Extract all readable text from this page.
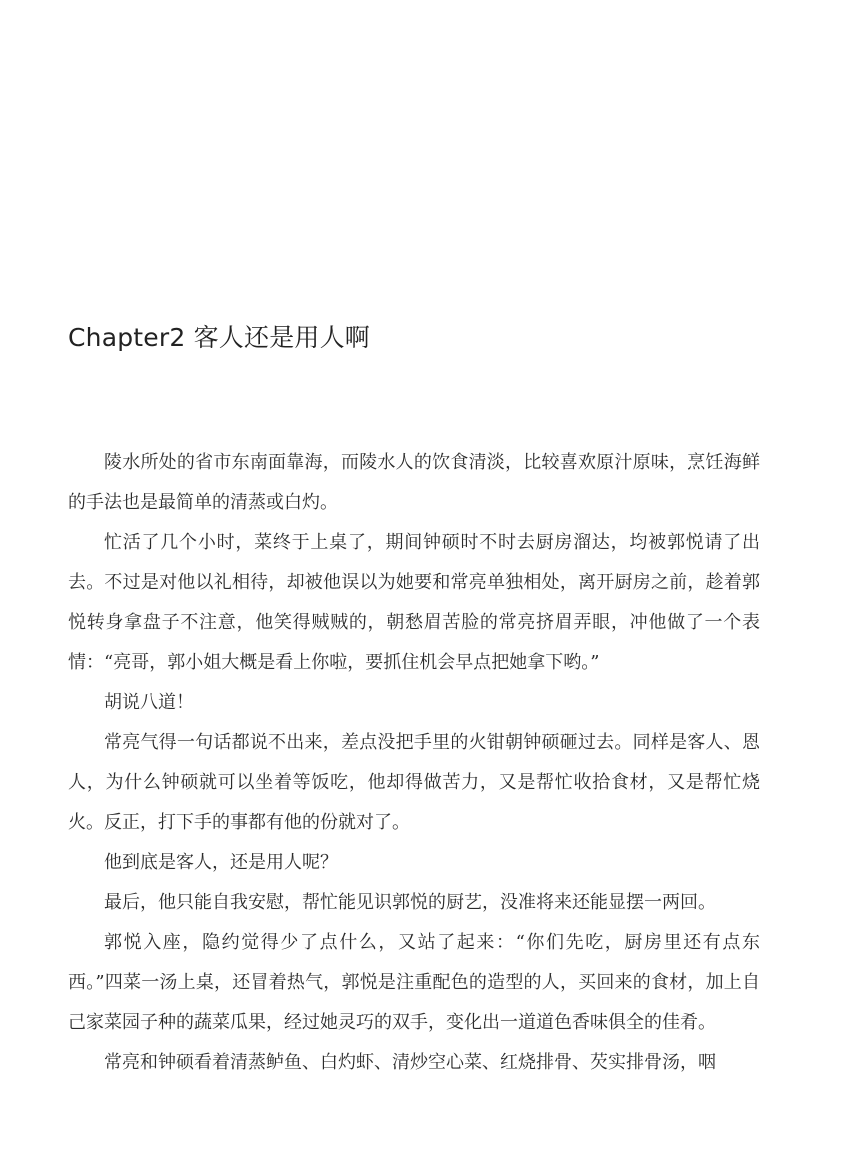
Chapter2 客人还是用人啊

陵水所处的省市东南面靠海，而陵水人的饮食清淡，比较喜欢原汁原味，烹饪海鲜的手法也是最简单的清蒸或白灼。

忙活了几个小时，菜终于上桌了，期间钟硕时不时去厨房溜达，均被郭悦请了出去。不过是对他以礼相待，却被他误以为她要和常亮单独相处，离开厨房之前，趁着郭悦转身拿盘子不注意，他笑得贼贼的，朝愁眉苦脸的常亮挤眉弄眼，冲他做了一个表情：“亮哥，郭小姐大概是看上你啦，要抓住机会早点把她拿下哟。”

胡说八道！

常亮气得一句话都说不出来，差点没把手里的火钳朝钟硕砸过去。同样是客人、恩人，为什么钟硕就可以坐着等饭吃，他却得做苦力，又是帮忙收拾食材，又是帮忙烧火。反正，打下手的事都有他的份就对了。

他到底是客人，还是用人呢？

最后，他只能自我安慰，帮忙能见识郭悦的厨艺，没准将来还能显摆一两回。

郭悦入座，隐约觉得少了点什么，又站了起来：“你们先吃，厨房里还有点东西。”四菜一汤上桌，还冒着热气，郭悦是注重配色的造型的人，买回来的食材，加上自己家菜园子种的蔬菜瓜果，经过她灵巧的双手，变化出一道道色香味俱全的佳肴。

常亮和钟硕看着清蒸鲈鱼、白灼虾、清炒空心菜、红烧排骨、芡实排骨汤，咽
